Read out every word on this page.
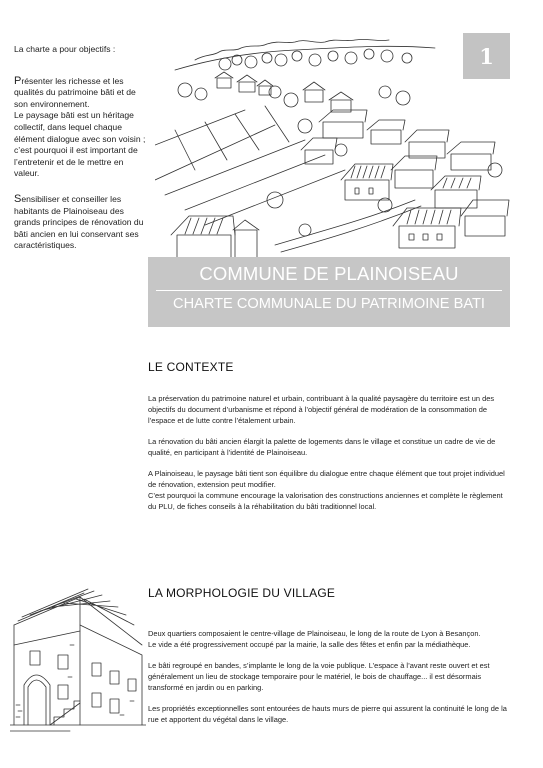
La charte a pour objectifs :

Présenter les richesse et les qualités du patrimoine bâti et de son environnement.

Le paysage bâti est un héritage collectif, dans lequel chaque élément dialogue avec son voisin ; c’est pourquoi il est important de l’entretenir et de le mettre en valeur.

Sensibiliser et conseiller les habitants de Plainoiseau des grands principes de rénovation du bâti ancien en lui conservant ses caractéristiques.

1
COMMUNE DE PLAINOISEAU
CHARTE COMMUNALE DU PATRIMOINE BATI
LE CONTEXTE

La préservation du patrimoine naturel et urbain, contribuant à la qualité paysagère du territoire est un des objectifs du document d’urbanisme et répond à l’objectif général de modération de la consommation de l’espace et de lutte contre l’étalement urbain.

La rénovation du bâti ancien élargit la palette de logements dans le village et constitue un cadre de vie de qualité, en participant à l’identité de Plainoiseau.

A Plainoiseau, le paysage bâti tient son équilibre du dialogue entre chaque élément que tout projet individuel de rénovation, extension peut modifier.

C’est pourquoi la commune encourage la valorisation des constructions anciennes et complète le règlement du PLU, de fiches conseils à la réhabilitation du bâti traditionnel local.

LA MORPHOLOGIE DU VILLAGE

Deux quartiers composaient le centre-village de Plainoiseau, le long de la route de Lyon à Besançon.

Le vide a été progressivement occupé par la mairie, la salle des fêtes et enfin par la médiathèque.

Le bâti regroupé en bandes, s’implante le long de la voie publique. L’espace à l’avant reste ouvert et est généralement un lieu de stockage temporaire pour le matériel, le bois de chauffage... il est désormais transformé en jardin ou en parking.

Les propriétés exceptionnelles sont entourées de hauts murs de pierre qui assurent la continuité le long de la rue et apportent du végétal dans le village.
